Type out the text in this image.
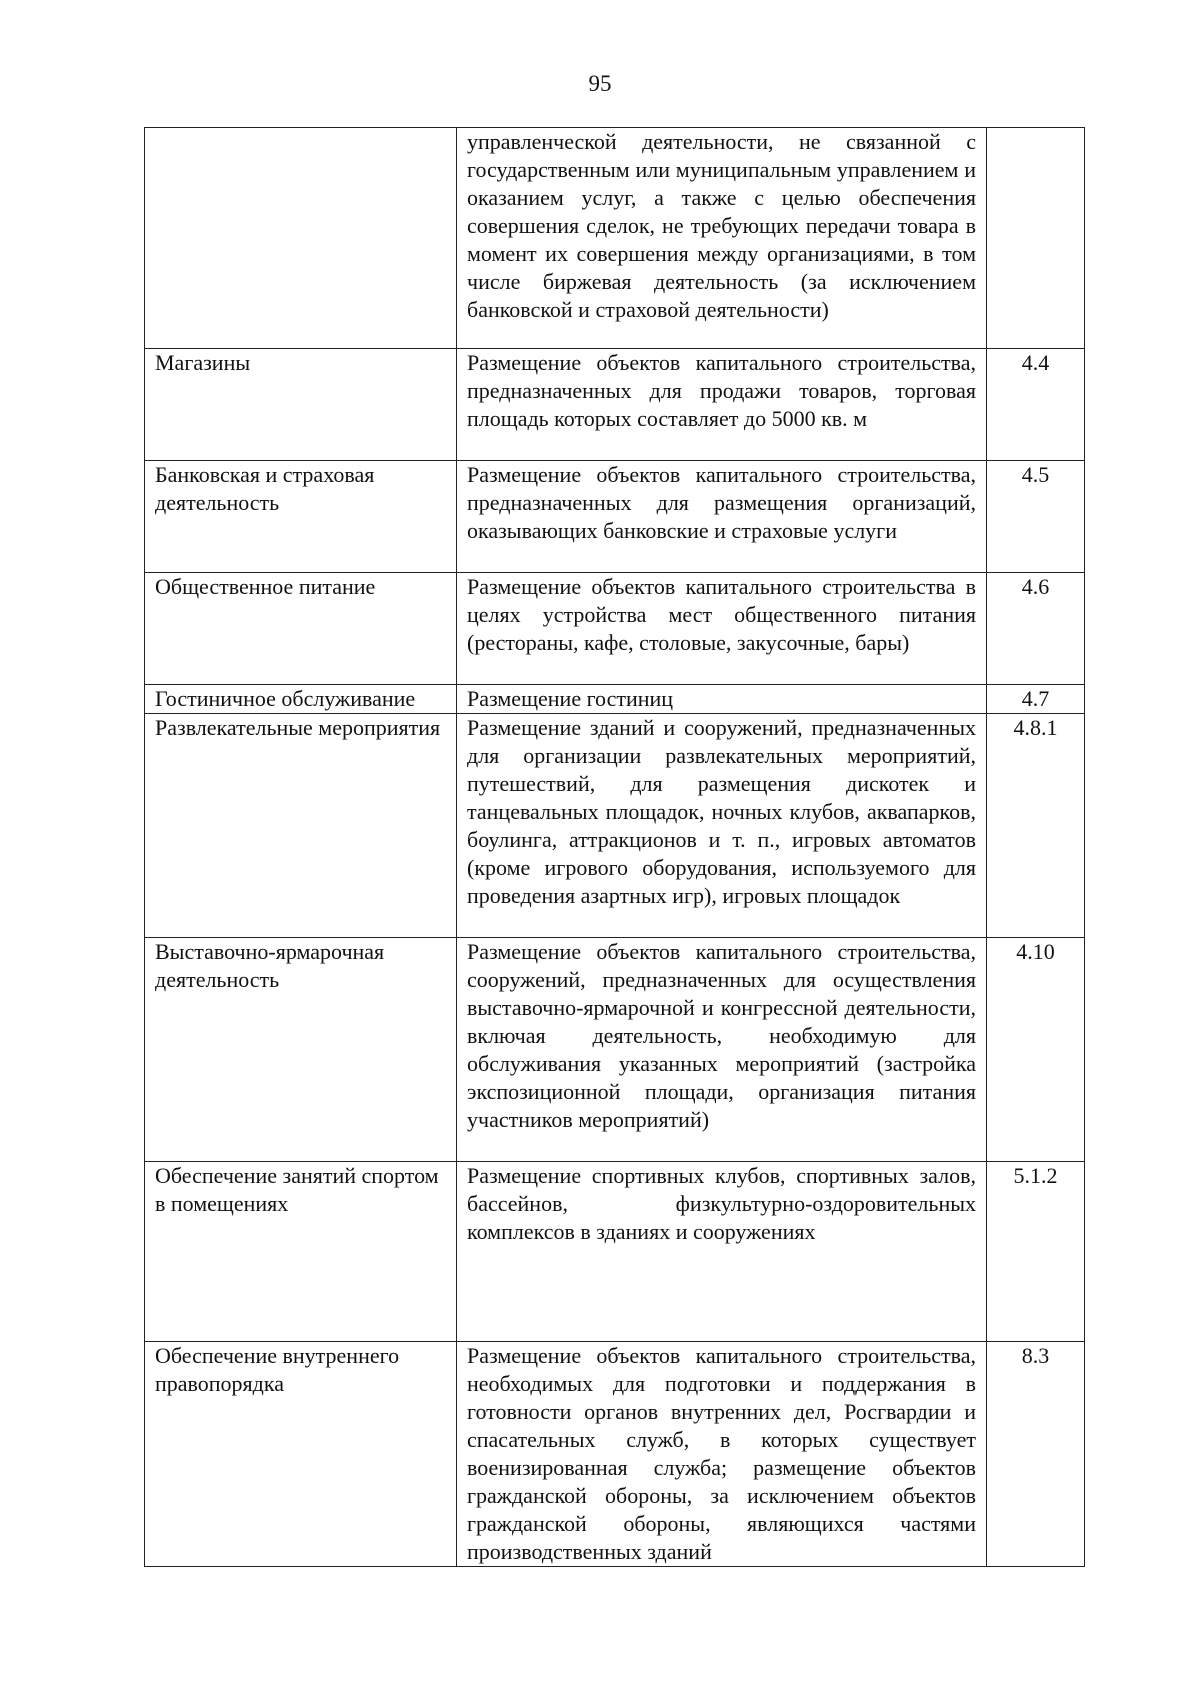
95
	управленческой деятельности, не связанной с государственным или муниципальным управлением и оказанием услуг, а также с целью обеспечения совершения сделок, не требующих передачи товара в момент их совершения между организациями, в том числе биржевая деятельность (за исключением банковской и страховой деятельности)	
Магазины	Размещение объектов капитального строительства, предназначенных для продажи товаров, торговая площадь которых составляет до 5000 кв. м	4.4
Банковская и страховая деятельность	Размещение объектов капитального строительства, предназначенных для размещения организаций, оказывающих банковские и страховые услуги	4.5
Общественное питание	Размещение объектов капитального строительства в целях устройства мест общественного питания (рестораны, кафе, столовые, закусочные, бары)	4.6
Гостиничное обслуживание	Размещение гостиниц	4.7
Развлекательные мероприятия	Размещение зданий и сооружений, предназначенных для организации развлекательных мероприятий, путешествий, для размещения дискотек и танцевальных площадок, ночных клубов, аквапарков, боулинга, аттракционов и т. п., игровых автоматов (кроме игрового оборудования, используемого для проведения азартных игр), игровых площадок	4.8.1
Выставочно-ярмарочная деятельность	Размещение объектов капитального строительства, сооружений, предназначенных для осуществления выставочно-ярмарочной и конгрессной деятельности, включая деятельность, необходимую для обслуживания указанных мероприятий (застройка экспозиционной площади, организация питания участников мероприятий)	4.10
Обеспечение занятий спортом в помещениях	Размещение спортивных клубов, спортивных залов, бассейнов, физкультурно-оздоровительных комплексов в зданиях и сооружениях	5.1.2
Обеспечение внутреннего правопорядка	Размещение объектов капитального строительства, необходимых для подготовки и поддержания в готовности органов внутренних дел, Росгвардии и спасательных служб, в которых существует военизированная служба; размещение объектов гражданской обороны, за исключением объектов гражданской обороны, являющихся частями производственных зданий	8.3
